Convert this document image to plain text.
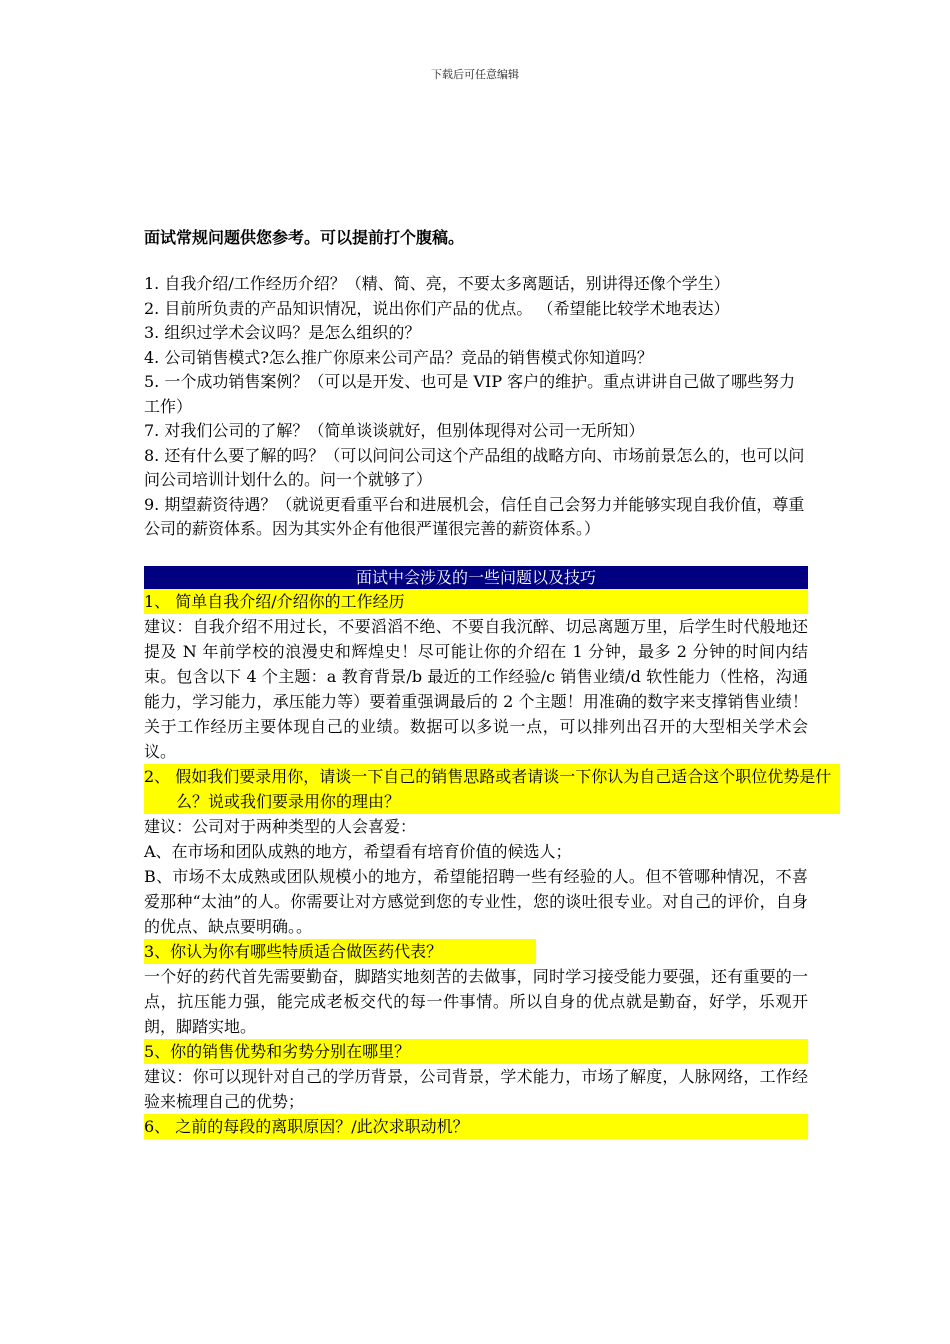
下载后可任意编辑
面试常规问题供您参考。可以提前打个腹稿。

1. 自我介绍/工作经历介绍？（精、简、亮，不要太多离题话，别讲得还像个学生）

2. 目前所负责的产品知识情况，说出你们产品的优点。 （希望能比较学术地表达）

3. 组织过学术会议吗？是怎么组织的？

4. 公司销售模式?怎么推广你原来公司产品？竞品的销售模式你知道吗？

5. 一个成功销售案例？（可以是开发、也可是 VIP 客户的维护。重点讲讲自己做了哪些努力工作）

7. 对我们公司的了解？（简单谈谈就好，但别体现得对公司一无所知）

8. 还有什么要了解的吗？（可以问问公司这个产品组的战略方向、市场前景怎么的，也可以问问公司培训计划什么的。问一个就够了）

9. 期望薪资待遇？（就说更看重平台和进展机会，信任自己会努力并能够实现自我价值，尊重公司的薪资体系。因为其实外企有他很严谨很完善的薪资体系。）

面试中会涉及的一些问题以及技巧
1、 简单自我介绍/介绍你的工作经历

建议：自我介绍不用过长，不要滔滔不绝、不要自我沉醉、切忌离题万里，后学生时代般地还提及 N 年前学校的浪漫史和辉煌史！尽可能让你的介绍在 1 分钟，最多 2 分钟的时间内结束。包含以下 4 个主题：a 教育背景/b 最近的工作经验/c 销售业绩/d 软性能力（性格，沟通能力，学习能力，承压能力等）要着重强调最后的 2 个主题！用准确的数字来支撑销售业绩！关于工作经历主要体现自己的业绩。数据可以多说一点，可以排列出召开的大型相关学术会议。

2、 假如我们要录用你，请谈一下自己的销售思路或者请谈一下你认为自己适合这个职位优势是什么？说或我们要录用你的理由？

建议：公司对于两种类型的人会喜爱：

A、在市场和团队成熟的地方，希望看有培育价值的候选人；

B、市场不太成熟或团队规模小的地方，希望能招聘一些有经验的人。但不管哪种情况，不喜爱那种“太油”的人。你需要让对方感觉到您的专业性，您的谈吐很专业。对自己的评价，自身的优点、缺点要明确。。

3、你认为你有哪些特质适合做医药代表？

一个好的药代首先需要勤奋，脚踏实地刻苦的去做事，同时学习接受能力要强，还有重要的一点，抗压能力强，能完成老板交代的每一件事情。所以自身的优点就是勤奋，好学，乐观开朗，脚踏实地。

5、你的销售优势和劣势分别在哪里？

建议：你可以现针对自己的学历背景，公司背景，学术能力，市场了解度，人脉网络，工作经验来梳理自己的优势；

6、 之前的每段的离职原因？/此次求职动机？
